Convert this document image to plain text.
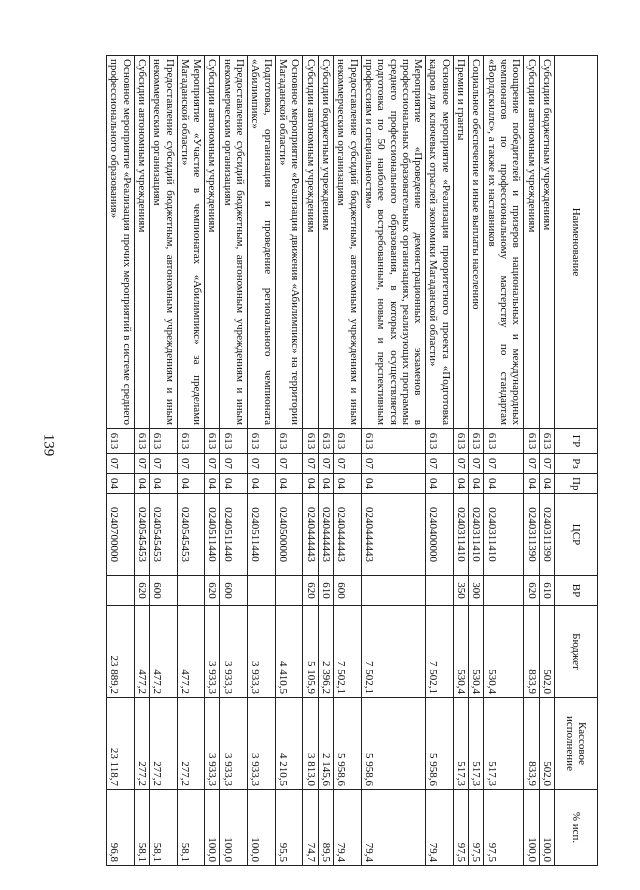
139
Наименование	ГР	Рз	Пр	ЦСР	ВР	Бюджет	Кассовое исполнение	% исп.
Субсидии бюджетным учреждениям	613	07	04	0240311390	610	502,0	502,0	100,0
Субсидии автономным учреждениям	613	07	04	0240311390	620	833,9	833,9	100,0
Поощрение победителей и призеров национальных и международных чемпионатов по профессиональному мастерству по стандартам «Ворлдскиллс», а также их наставников	613	07	04	0240311410		530,4	517,3	97,5
Социальное обеспечение и иные выплаты населению	613	07	04	0240311410	300	530,4	517,3	97,5
Премии и гранты	613	07	04	0240311410	350	530,4	517,3	97,5
Основное мероприятие «Реализация приоритетного проекта «Подготовка кадров для ключевых отраслей экономики Магаданской области»	613	07	04	0240400000		7 502,1	5 958,6	79,4
Мероприятие «Проведение демонстрационных экзаменов в профессиональных образовательных организациях, реализующих программы среднего профессионального образования, в которых осуществляется подготовка по 50 наиболее востребованным, новым и перспективным профессиям и специальностям»	613	07	04	0240444443		7 502,1	5 958,6	79,4
Предоставление субсидий бюджетным, автономным учреждениям и иным некоммерческим организациям	613	07	04	0240444443	600	7 502,1	5 958,6	79,4
Субсидии бюджетным учреждениям	613	07	04	0240444443	610	2 396,2	2 145,6	89,5
Субсидии автономным учреждениям	613	07	04	0240444443	620	5 105,9	3 813,0	74,7
Основное мероприятие «Реализация движения «Абилимпикс» на территории Магаданской области»	613	07	04	0240500000		4 410,5	4 210,5	95,5
Подготовка, организация и проведение регионального чемпионата «Абилимпикс»	613	07	04	0240511440		3 933,3	3 933,3	100,0
Предоставление субсидий бюджетным, автономным учреждениям и иным некоммерческим организациям	613	07	04	0240511440	600	3 933,3	3 933,3	100,0
Субсидии автономным учреждениям	613	07	04	0240511440	620	3 933,3	3 933,3	100,0
Мероприятие «Участие в чемпионатах «Абилимпикс» за пределами Магаданской области»	613	07	04	0240545453		477,2	277,2	58,1
Предоставление субсидий бюджетным, автономным учреждениям и иным некоммерческим организациям	613	07	04	0240545453	600	477,2	277,2	58,1
Субсидии автономным учреждениям	613	07	04	0240545453	620	477,2	277,2	58,1
Основное мероприятие «Реализация прочих мероприятий в системе среднего профессионального образования»	613	07	04	0240700000		23 889,2	23 118,7	96,8
